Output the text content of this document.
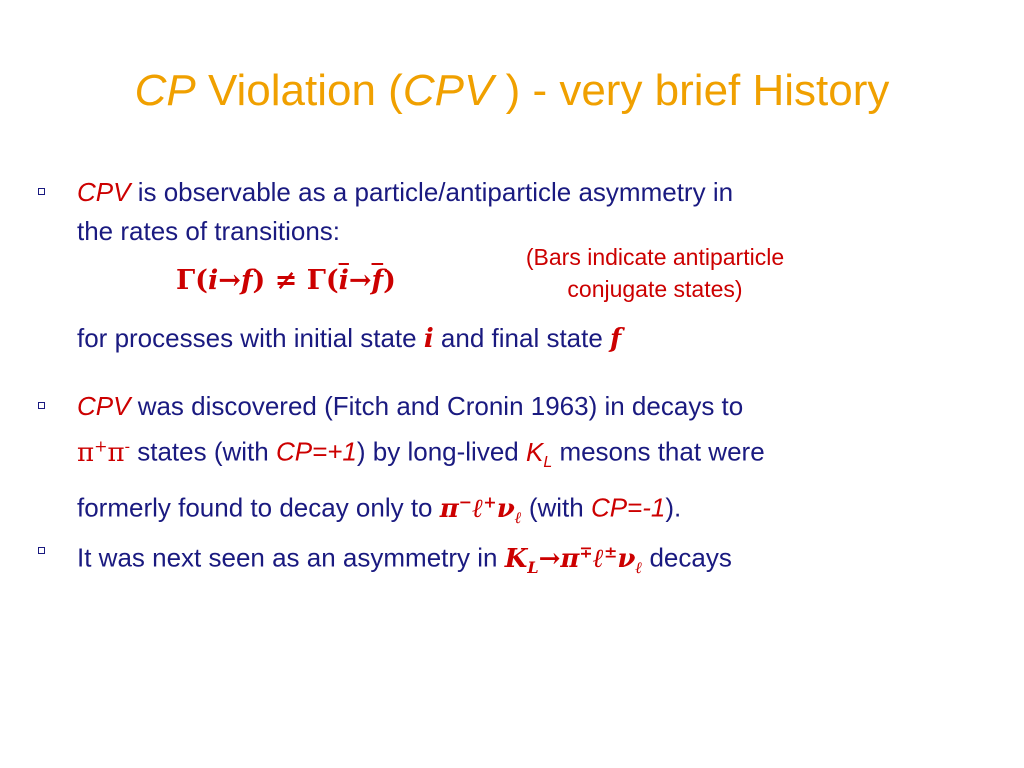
CP Violation (CPV ) - very brief History
CPV is observable as a particle/antiparticle asymmetry in
the rates of transitions:
(Bars indicate antiparticle
conjugate states)
$\Gamma(i\to f) \ne \Gamma(\overline{i}\to\overline{f})$
for processes with initial state i and final state f
CPV was discovered (Fitch and Cronin 1963) in decays to
π+π- states (with CP=+1) by long-lived $K_L$ mesons that were
formerly found to decay only to $\pi^-\ell^+\nu_\ell$ (with CP=-1).
It was next seen as an asymmetry in $K_L\to\pi^\mp\ell^\pm\nu_\ell$ decays
